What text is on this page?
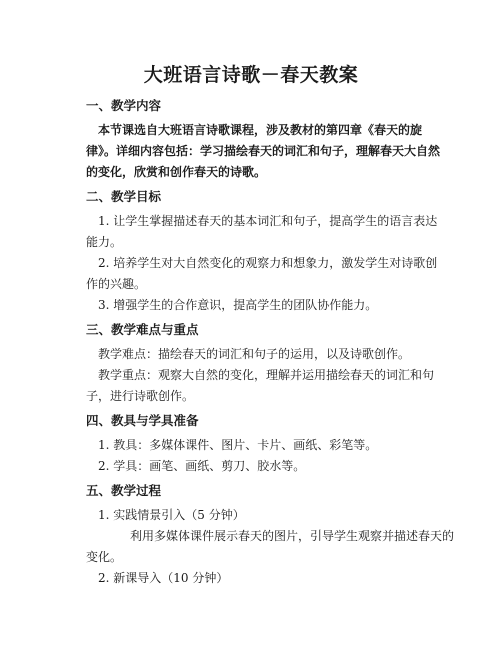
大班语言诗歌－春天教案
一、教学内容
本节课选自大班语言诗歌课程，涉及教材的第四章《春天的旋
律》。详细内容包括：学习描绘春天的词汇和句子，理解春天大自然
的变化，欣赏和创作春天的诗歌。
二、教学目标
1. 让学生掌握描述春天的基本词汇和句子，提高学生的语言表达
能力。
2. 培养学生对大自然变化的观察力和想象力，激发学生对诗歌创
作的兴趣。
3. 增强学生的合作意识，提高学生的团队协作能力。
三、教学难点与重点
教学难点：描绘春天的词汇和句子的运用，以及诗歌创作。
教学重点：观察大自然的变化，理解并运用描绘春天的词汇和句
子，进行诗歌创作。
四、教具与学具准备
1. 教具：多媒体课件、图片、卡片、画纸、彩笔等。
2. 学具：画笔、画纸、剪刀、胶水等。
五、教学过程
1. 实践情景引入（5 分钟）
利用多媒体课件展示春天的图片，引导学生观察并描述春天的
变化。
2. 新课导入（10 分钟）
